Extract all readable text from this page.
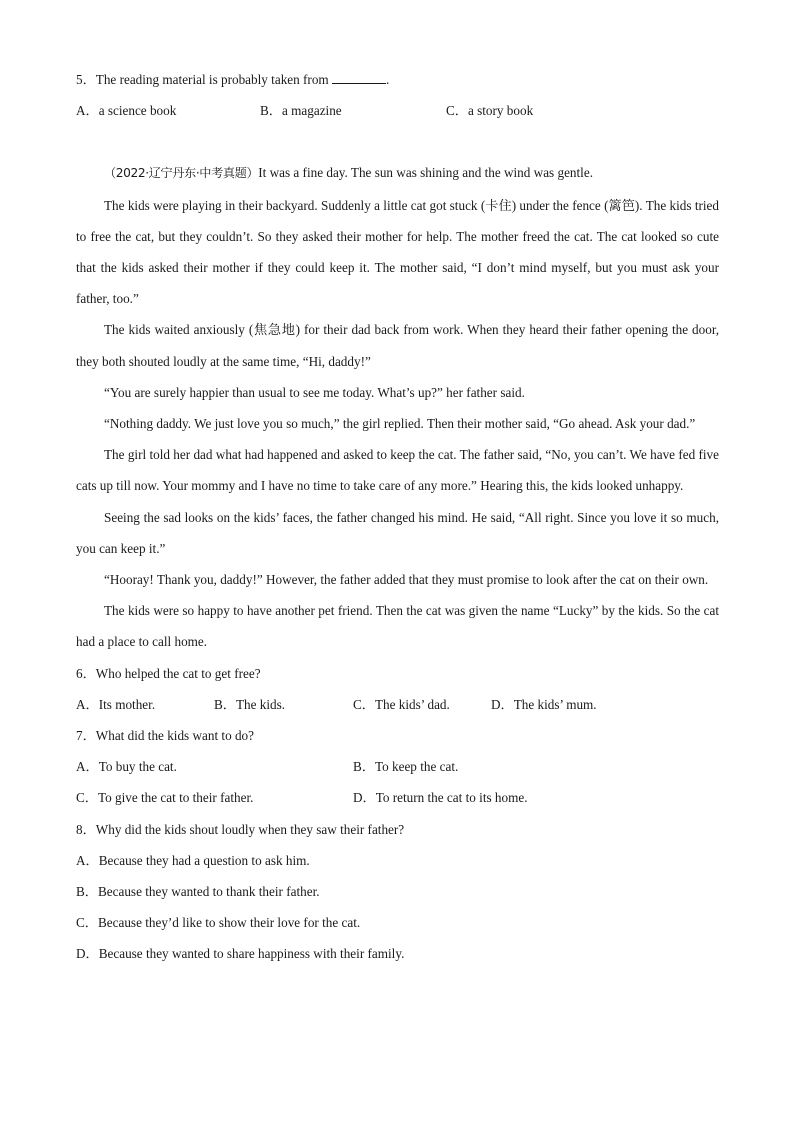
5．The reading material is probably taken from	.
A．a science book	B．a magazine	C．a story book
（2022·辽宁丹东·中考真题）It was a fine day. The sun was shining and the wind was gentle.
The kids were playing in their backyard. Suddenly a little cat got stuck (卡住) under the fence (篱笆). The kids tried to free the cat, but they couldn’t. So they asked their mother for help. The mother freed the cat. The cat looked so cute that the kids asked their mother if they could keep it. The mother said, “I don’t mind myself, but you must ask your father, too.”
The kids waited anxiously (焦急地) for their dad back from work. When they heard their father opening the door, they both shouted loudly at the same time, “Hi, daddy!”
“You are surely happier than usual to see me today. What’s up?” her father said.
“Nothing daddy. We just love you so much,” the girl replied. Then their mother said, “Go ahead. Ask your dad.”
The girl told her dad what had happened and asked to keep the cat. The father said, “No, you can’t. We have fed five cats up till now. Your mommy and I have no time to take care of any more.” Hearing this, the kids looked unhappy.
Seeing the sad looks on the kids’ faces, the father changed his mind. He said, “All right. Since you love it so much, you can keep it.”
“Hooray! Thank you, daddy!” However, the father added that they must promise to look after the cat on their own.
The kids were so happy to have another pet friend. Then the cat was given the name “Lucky” by the kids. So the cat had a place to call home.
6．Who helped the cat to get free?
A．Its mother.	B．The kids.	C．The kids’ dad.	D．The kids’ mum.
7．What did the kids want to do?
A．To buy the cat.	B．To keep the cat.
C．To give the cat to their father.	D．To return the cat to its home.
8．Why did the kids shout loudly when they saw their father?
A．Because they had a question to ask him.
B．Because they wanted to thank their father.
C．Because they’d like to show their love for the cat.
D．Because they wanted to share happiness with their family.
